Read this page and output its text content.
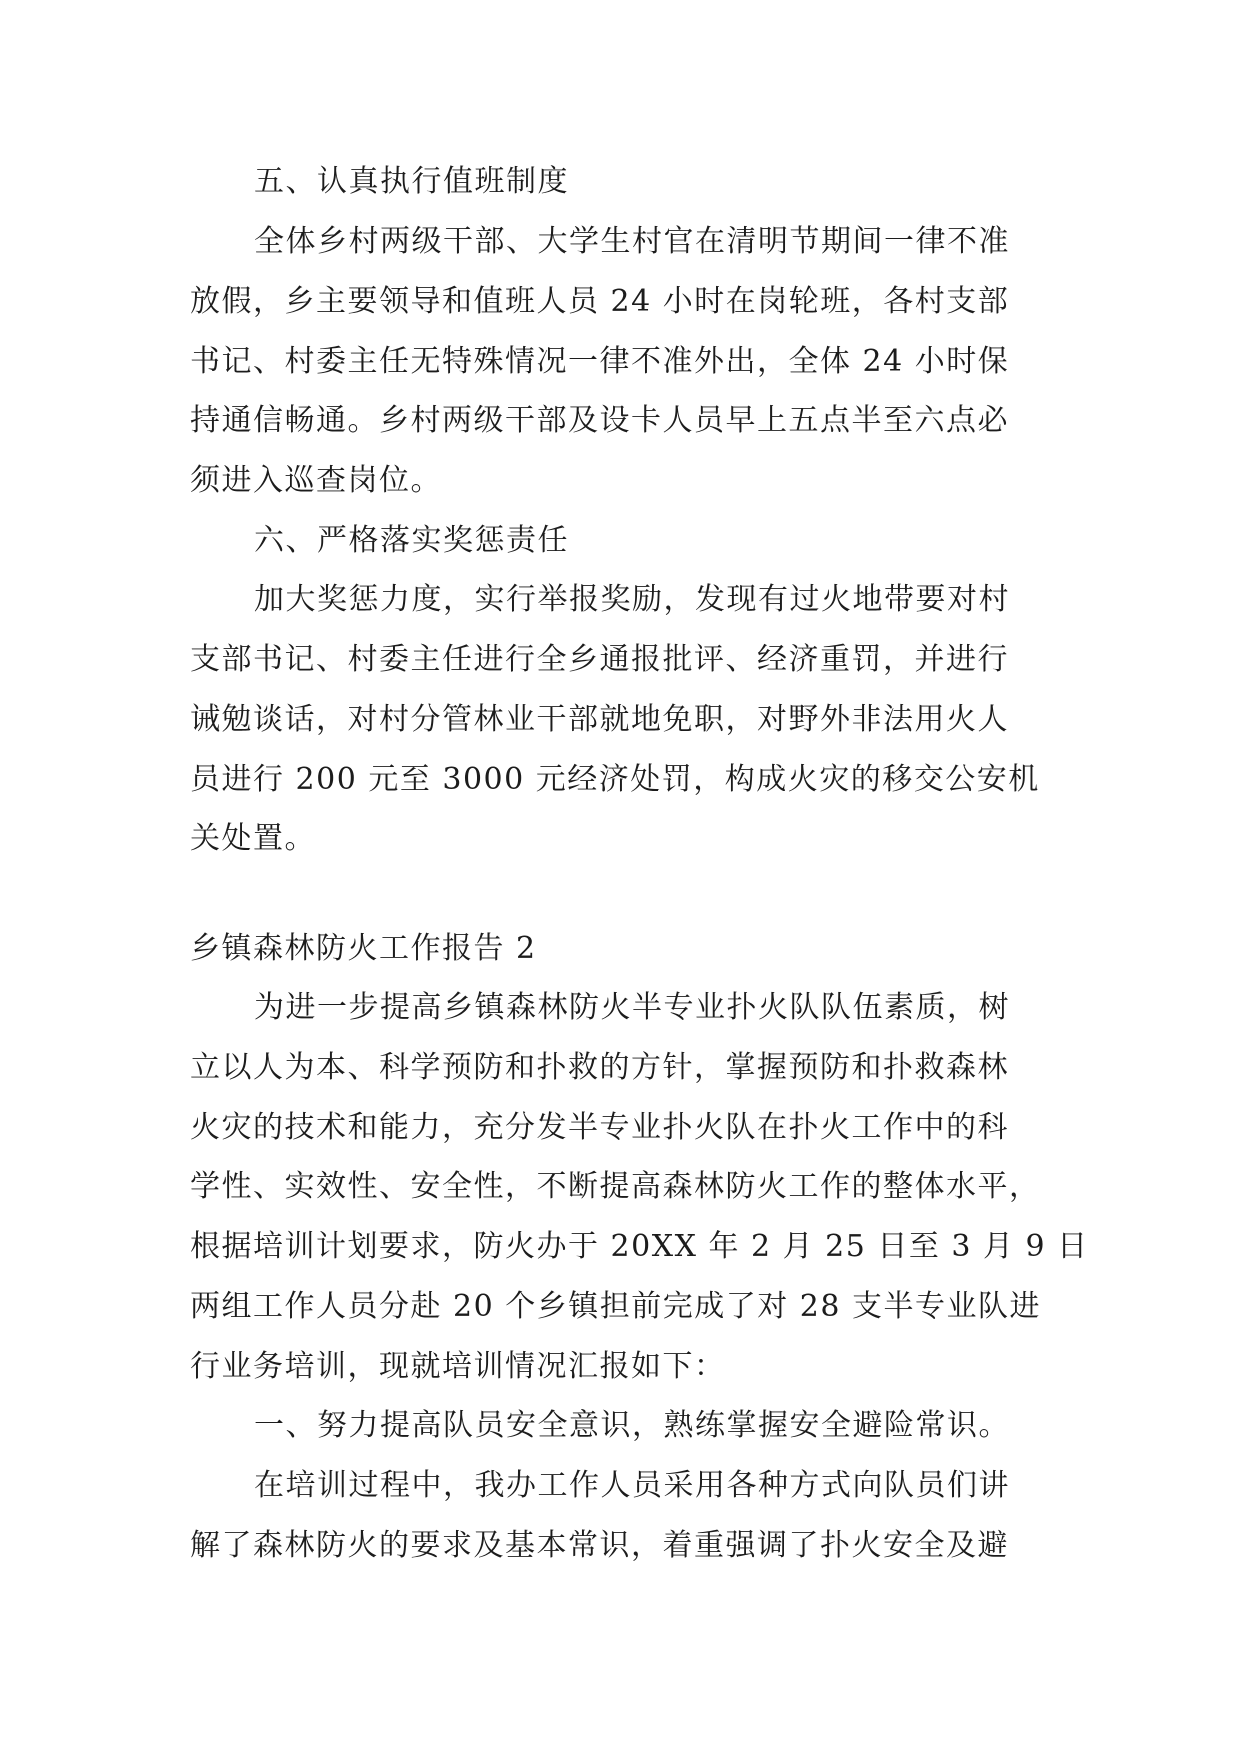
五、认真执行值班制度

全体乡村两级干部、大学生村官在清明节期间一律不准

放假，乡主要领导和值班人员 24 小时在岗轮班，各村支部

书记、村委主任无特殊情况一律不准外出，全体 24 小时保

持通信畅通。乡村两级干部及设卡人员早上五点半至六点必

须进入巡查岗位。

六、严格落实奖惩责任

加大奖惩力度，实行举报奖励，发现有过火地带要对村

支部书记、村委主任进行全乡通报批评、经济重罚，并进行

诫勉谈话，对村分管林业干部就地免职，对野外非法用火人

员进行 200 元至 3000 元经济处罚，构成火灾的移交公安机

关处置。

乡镇森林防火工作报告 2

为进一步提高乡镇森林防火半专业扑火队队伍素质，树

立以人为本、科学预防和扑救的方针，掌握预防和扑救森林

火灾的技术和能力，充分发半专业扑火队在扑火工作中的科

学性、实效性、安全性，不断提高森林防火工作的整体水平，

根据培训计划要求，防火办于 20XX 年 2 月 25 日至 3 月 9 日

两组工作人员分赴 20 个乡镇担前完成了对 28 支半专业队进

行业务培训，现就培训情况汇报如下：

一、努力提高队员安全意识，熟练掌握安全避险常识。

在培训过程中，我办工作人员采用各种方式向队员们讲

解了森林防火的要求及基本常识，着重强调了扑火安全及避
